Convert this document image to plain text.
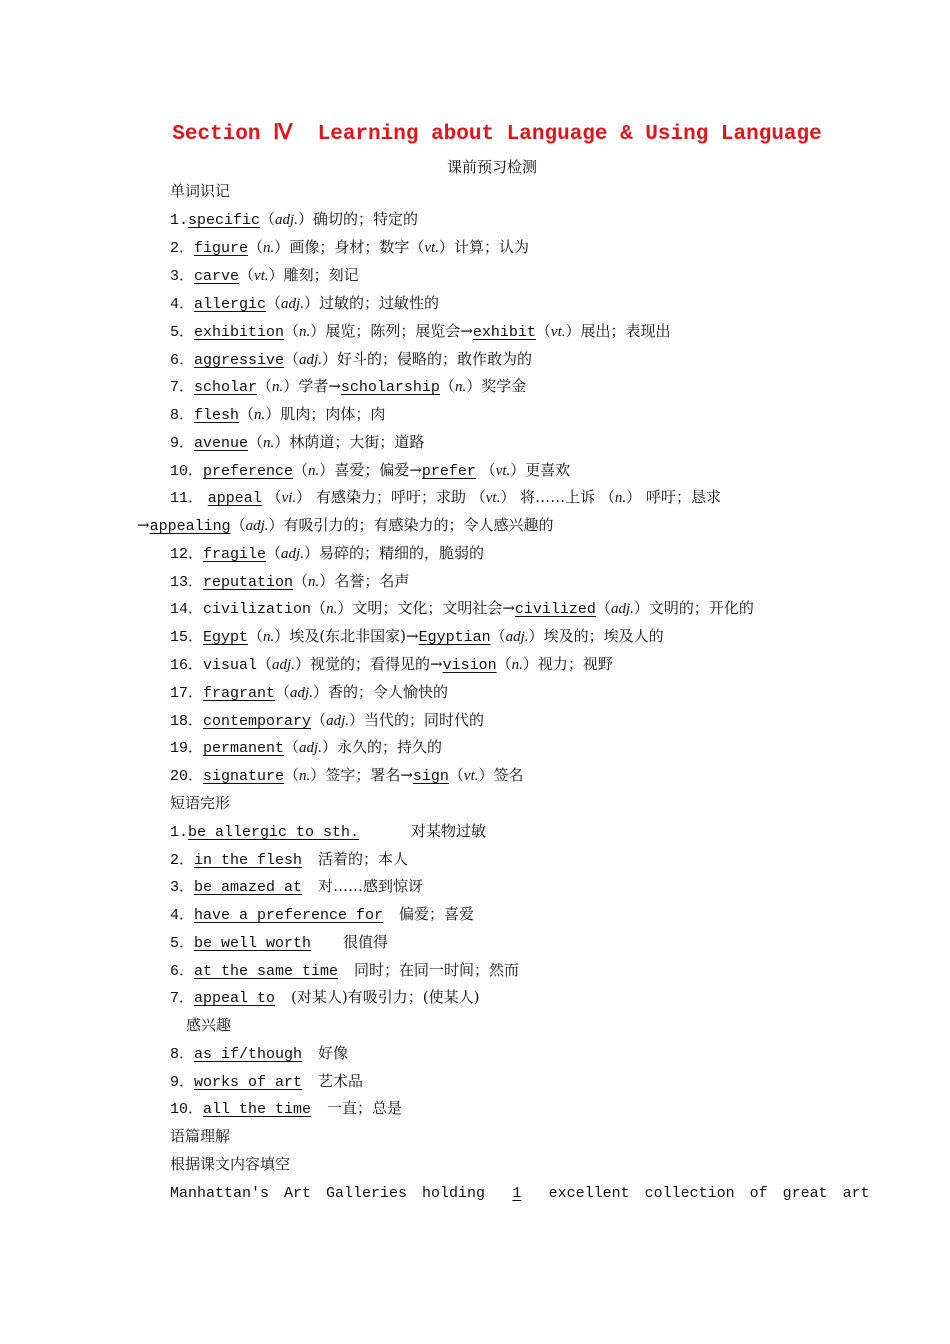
Section Ⅳ  Learning about Language & Using Language
课前预习检测
单词识记
1.specific（adj.）确切的；特定的
2．figure（n.）画像；身材；数字（vt.）计算；认为
3．carve（vt.）雕刻；刻记
4．allergic（adj.）过敏的；过敏性的
5．exhibition（n.）展览；陈列；展览会→exhibit（vt.）展出；表现出
6．aggressive（adj.）好斗的；侵略的；敢作敢为的
7．scholar（n.）学者→scholarship（n.）奖学金
8．flesh（n.）肌肉；肉体；肉
9．avenue（n.）林荫道；大街；道路
10．preference（n.）喜爱；偏爱→prefer （vt.）更喜欢
11． appeal （vi.） 有感染力；呼吁；求助 （vt.） 将……上诉 （n.） 呼吁；恳求
→appealing（adj.）有吸引力的；有感染力的；令人感兴趣的
12．fragile（adj.）易碎的；精细的，脆弱的
13．reputation（n.）名誉；名声
14．civilization（n.）文明；文化；文明社会→civilized（adj.）文明的；开化的
15．Egypt（n.）埃及(东北非国家)→Egyptian（adj.）埃及的；埃及人的
16．visual（adj.）视觉的；看得见的→vision（n.）视力；视野
17．fragrant（adj.）香的；令人愉快的
18．contemporary（adj.）当代的；同时代的
19．permanent（adj.）永久的；持久的
20．signature（n.）签字；署名→sign（vt.）签名
短语完形
1.be allergic to sth.	对某物过敏
2．in the flesh 活着的；本人
3．be amazed at 对……感到惊讶
4．have a preference for 偏爱；喜爱
5．be well worth 很值得
6．at the same time 同时；在同一时间；然而
7．appeal to (对某人)有吸引力；(使某人)
感兴趣
8．as if/though 好像
9．works of art 艺术品
10．all the time 一直；总是
语篇理解
根据课文内容填空
Manhattan's Art Galleries holding 1 excellent collection of great art
